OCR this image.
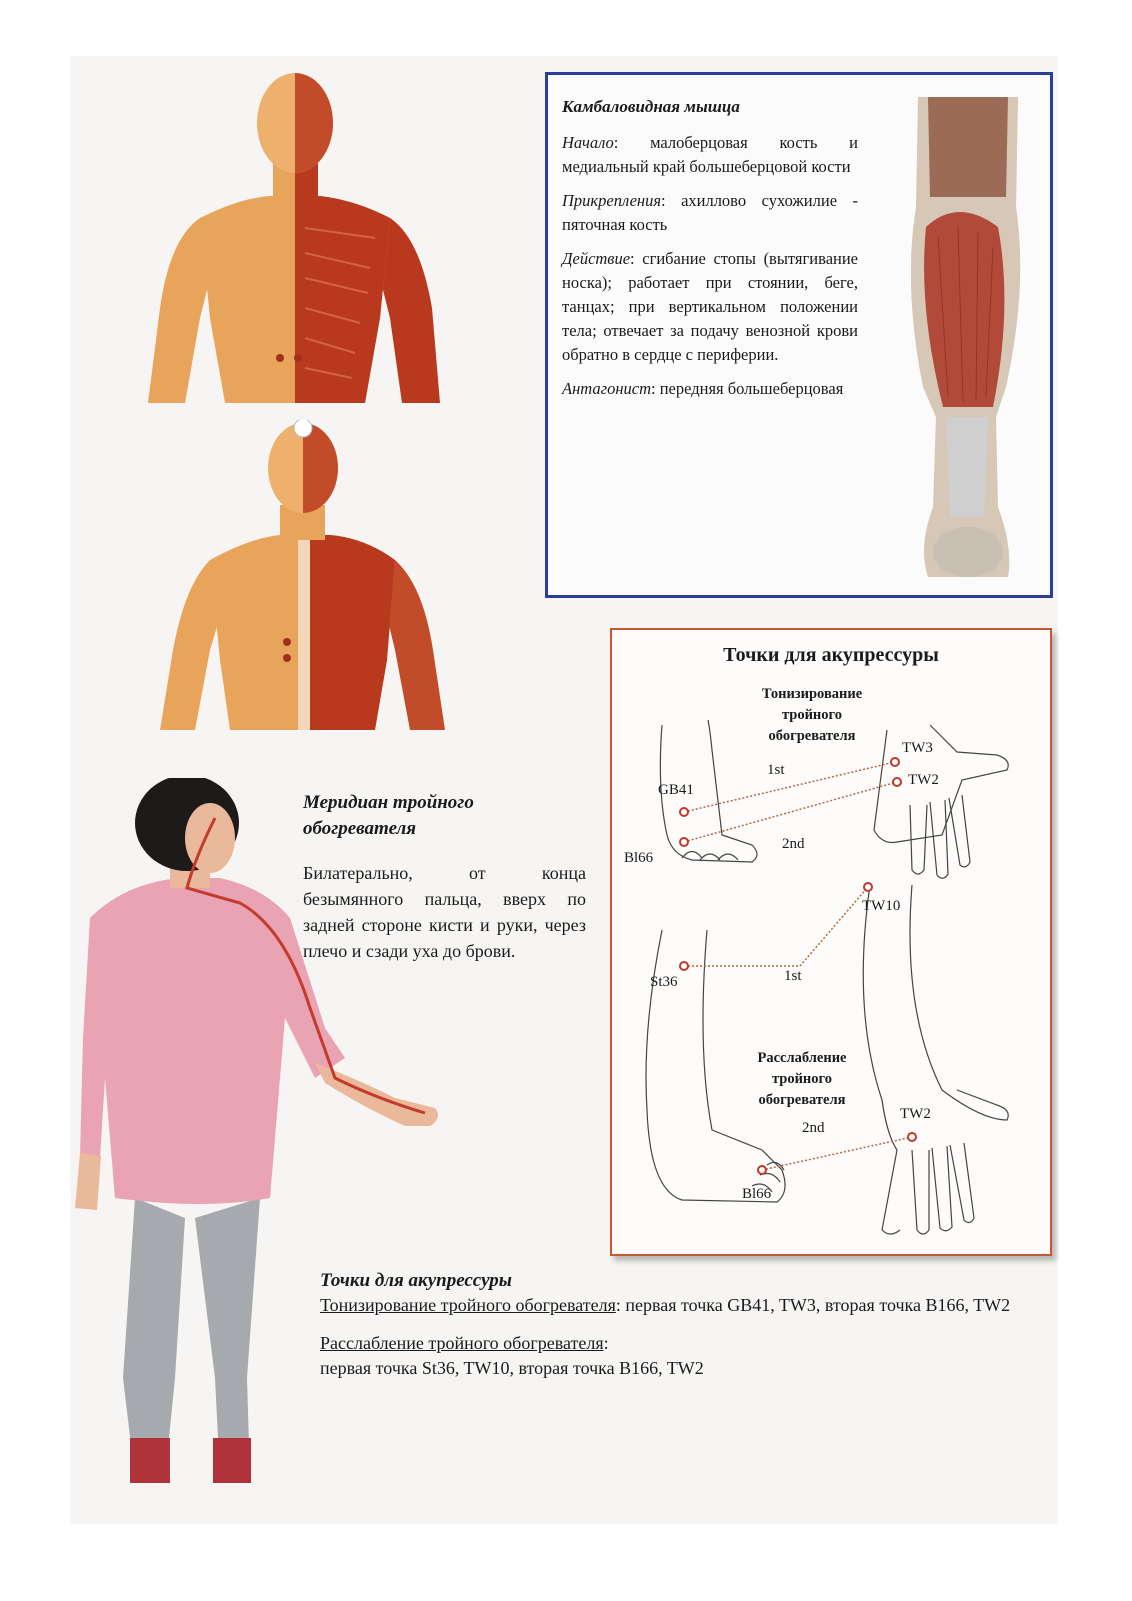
Камбаловидная мышца

Начало: малоберцовая кость и медиальный край большеберцовой кости

Прикрепления: ахиллово сухожилие - пяточная кость

Действие: сгибание стопы (вытягивание носка); работает при стоянии, беге, танцах; при вертикальном положении тела; отвечает за подачу венозной крови обратно в сердце с периферии.

Антагонист: передняя большеберцовая

Точки для акупрессуры
Тонизирование
тройного
обогревателя
Расслабление
тройного
обогревателя
TW3
TW2
GB41
Bl66
1st
2nd
TW10
St36	1st
TW2
2nd
Bl66
Меридиан тройного обогревателя
Билатерально, от конца безымянного пальца, вверх по задней стороне кисти и руки, через плечо и сзади уха до брови.

Точки для акупрессуры

Тонизирование тройного обогревателя: первая точка GB41, TW3, вторая точка B166, TW2

Расслабление тройного обогревателя:

первая точка St36, TW10, вторая точка B166, TW2
